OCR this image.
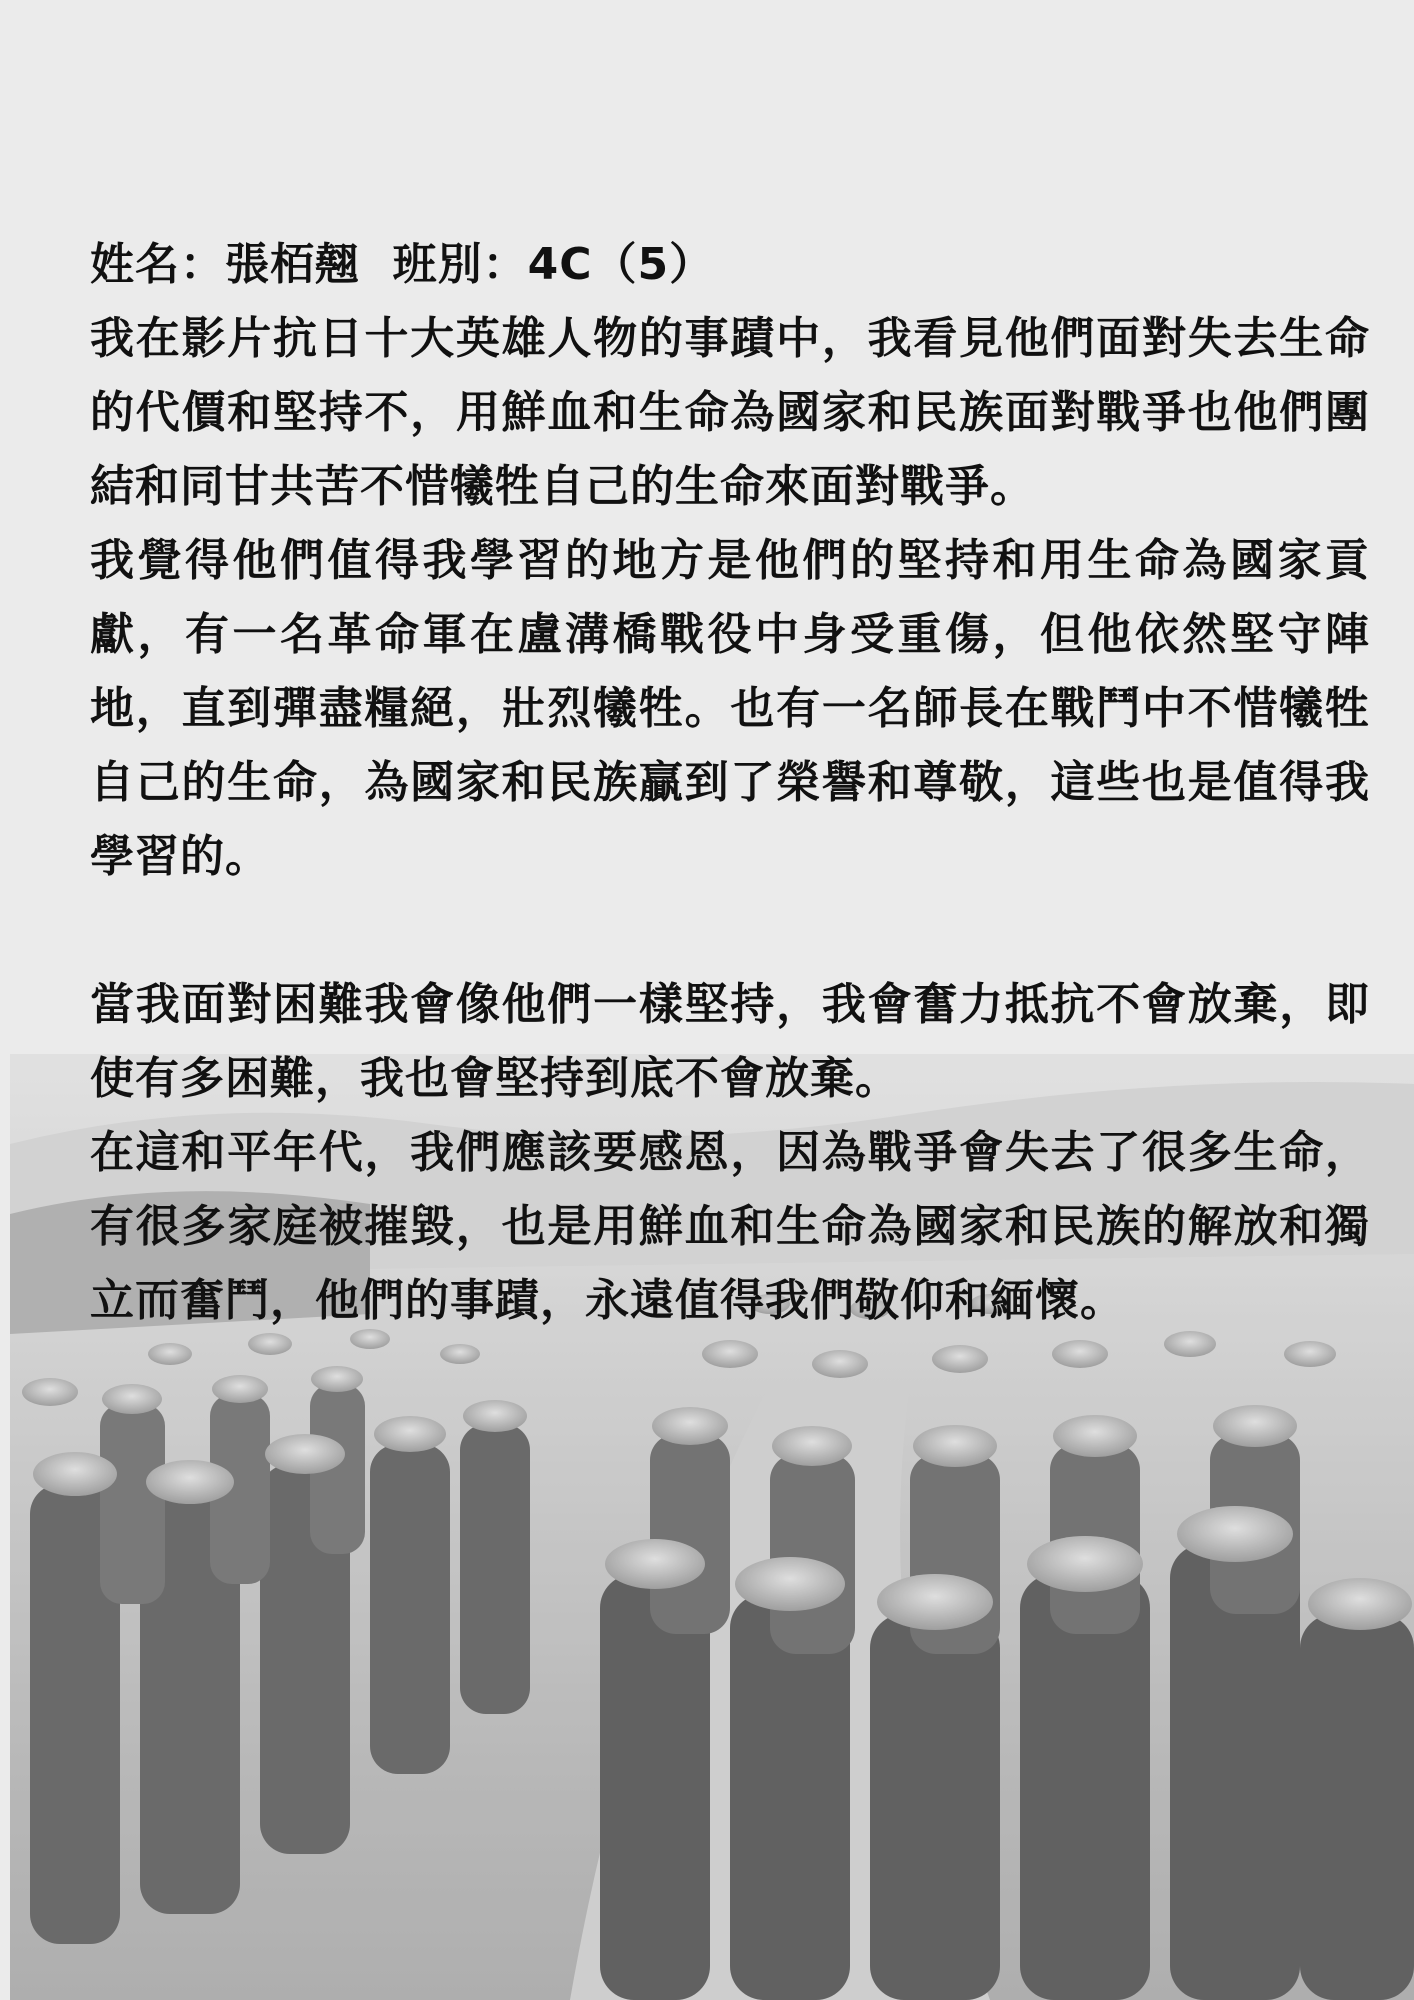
姓名：張栢翹 班別：4C（5）

我在影片抗日十大英雄人物的事蹟中，我看見他們面對失去生命的代價和堅持不，用鮮血和生命為國家和民族面對戰爭也他們團結和同甘共苦不惜犧牲自己的生命來面對戰爭。

我覺得他們值得我學習的地方是他們的堅持和用生命為國家貢獻，有一名革命軍在盧溝橋戰役中身受重傷，但他依然堅守陣地，直到彈盡糧絕，壯烈犧牲。也有一名師長在戰鬥中不惜犧牲自己的生命，為國家和民族贏到了榮譽和尊敬，這些也是值得我學習的。

當我面對困難我會像他們一樣堅持，我會奮力抵抗不會放棄，即使有多困難，我也會堅持到底不會放棄。

在這和平年代，我們應該要感恩，因為戰爭會失去了很多生命，有很多家庭被摧毀，也是用鮮血和生命為國家和民族的解放和獨立而奮鬥，他們的事蹟，永遠值得我們敬仰和緬懷。
